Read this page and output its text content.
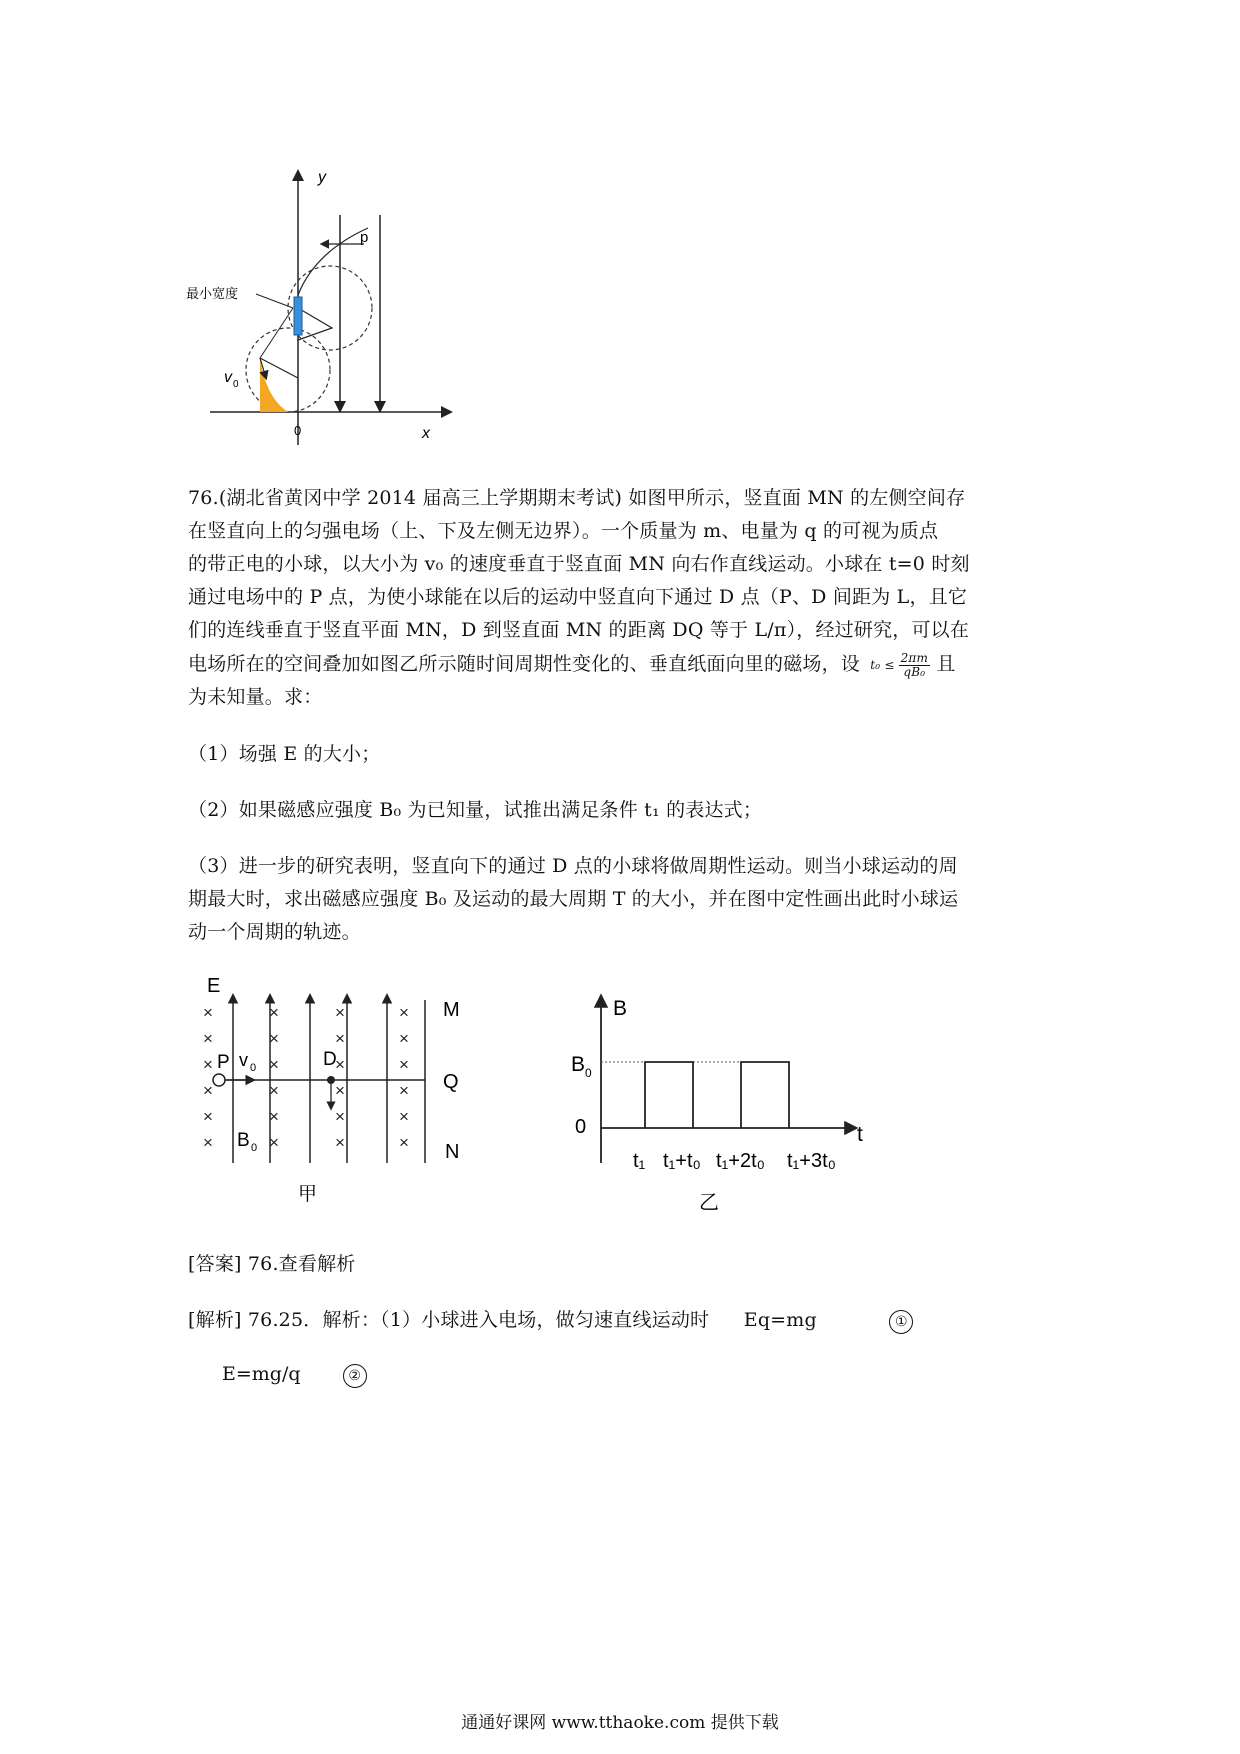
y
x
0
p
最小宽度
v 0
76.(湖北省黄冈中学 2014 届高三上学期期末考试) 如图甲所示，竖直面 MN 的左侧空间存
在竖直向上的匀强电场（上、下及左侧无边界）。一个质量为 m、电量为 q 的可视为质点
的带正电的小球，以大小为 v₀ 的速度垂直于竖直面 MN 向右作直线运动。小球在 t=0 时刻
通过电场中的 P 点，为使小球能在以后的运动中竖直向下通过 D 点（P、D 间距为 L，且它
们的连线垂直于竖直平面 MN，D 到竖直面 MN 的距离 DQ 等于 L/π），经过研究，可以在
电场所在的空间叠加如图乙所示随时间周期性变化的、垂直纸面向里的磁场，设 $t_0 \le \frac{2\pi m}{\text{qB₀}}$ 且
为未知量。求：
（1）场强 E 的大小；
（2）如果磁感应强度 B₀ 为已知量，试推出满足条件 t₁ 的表达式；
（3）进一步的研究表明，竖直向下的通过 D 点的小球将做周期性运动。则当小球运动的周
期最大时，求出磁感应强度 B₀ 及运动的最大周期 T 的大小，并在图中定性画出此时小球运
动一个周期的轨迹。
×
×
×
×
×
×
×
×
×
×
×
×
×
×
×
×
×
×
×
×
×
×
×
×
E
M
Q
N
P v 0	D
B 0
甲
B
B 0
0	t
t₁ t₁+t₀ t₁+2t₀ t₁+3t₀
乙
[答案] 76.查看解析
[解析] 76.25．解析：（1）小球进入电场，做匀速直线运动时 Eq=mg	①
E=mg/q	②
通通好课网 www.tthaoke.com 提供下载
